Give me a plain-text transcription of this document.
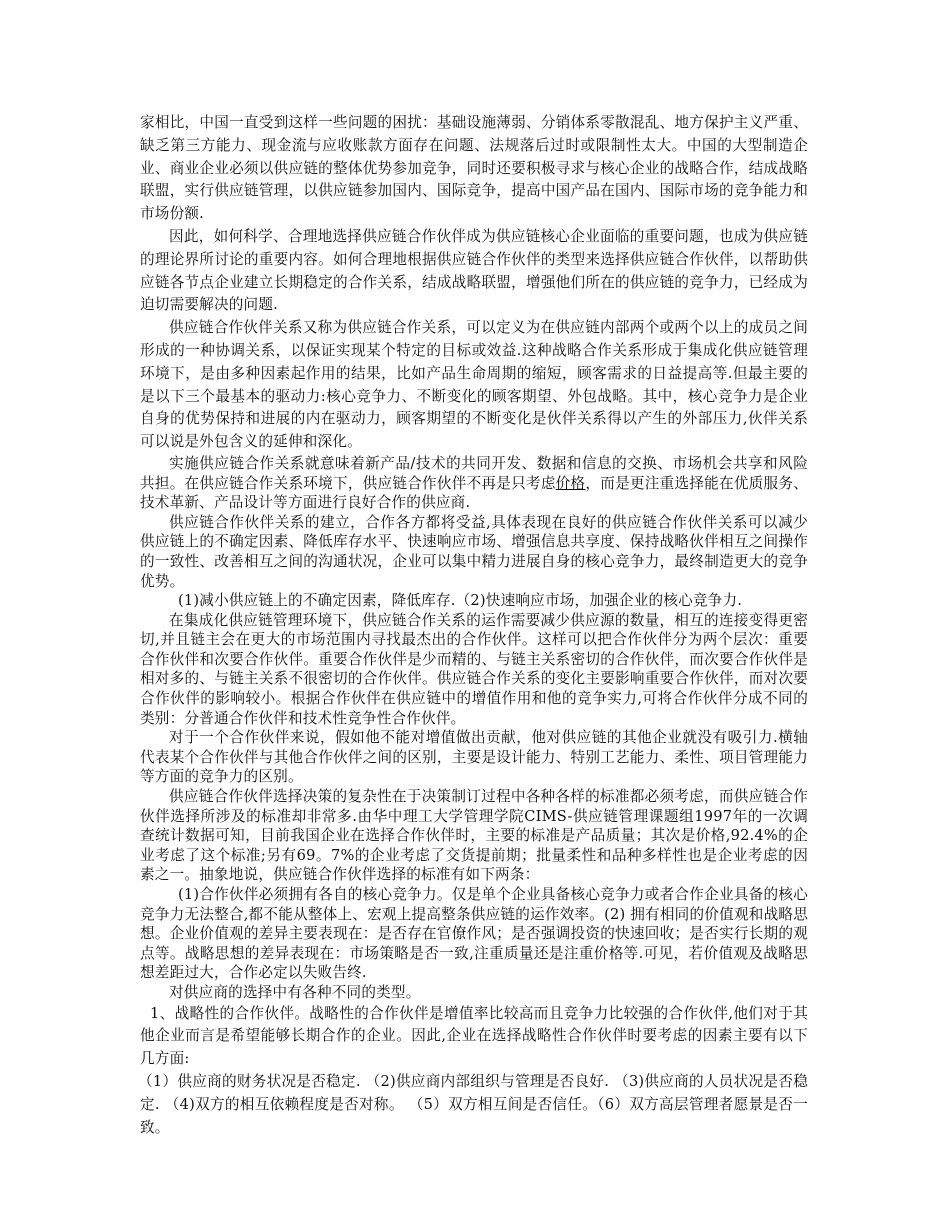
家相比，中国一直受到这样一些问题的困扰：基础设施薄弱、分销体系零散混乱、地方保护主义严重、缺乏第三方能力、现金流与应收账款方面存在问题、法规落后过时或限制性太大。中国的大型制造企业、商业企业必须以供应链的整体优势参加竞争，同时还要积极寻求与核心企业的战略合作，结成战略联盟，实行供应链管理，以供应链参加国内、国际竞争，提高中国产品在国内、国际市场的竞争能力和市场份额.

因此，如何科学、合理地选择供应链合作伙伴成为供应链核心企业面临的重要问题，也成为供应链的理论界所讨论的重要内容。如何合理地根据供应链合作伙伴的类型来选择供应链合作伙伴，以帮助供应链各节点企业建立长期稳定的合作关系，结成战略联盟，增强他们所在的供应链的竞争力，已经成为迫切需要解决的问题.

供应链合作伙伴关系又称为供应链合作关系，可以定义为在供应链内部两个或两个以上的成员之间形成的一种协调关系，以保证实现某个特定的目标或效益.这种战略合作关系形成于集成化供应链管理环境下，是由多种因素起作用的结果，比如产品生命周期的缩短，顾客需求的日益提高等.但最主要的是以下三个最基本的驱动力:核心竞争力、不断变化的顾客期望、外包战略。其中，核心竞争力是企业自身的优势保持和进展的内在驱动力，顾客期望的不断变化是伙伴关系得以产生的外部压力,伙伴关系可以说是外包含义的延伸和深化。

实施供应链合作关系就意味着新产品/技术的共同开发、数据和信息的交换、市场机会共享和风险共担。在供应链合作关系环境下，供应链合作伙伴不再是只考虑价格，而是更注重选择能在优质服务、技术革新、产品设计等方面进行良好合作的供应商.

供应链合作伙伴关系的建立，合作各方都将受益,具体表现在良好的供应链合作伙伴关系可以减少供应链上的不确定因素、降低库存水平、快速响应市场、增强信息共享度、保持战略伙伴相互之间操作的一致性、改善相互之间的沟通状况，企业可以集中精力进展自身的核心竞争力，最终制造更大的竞争优势。

(1)减小供应链上的不确定因素，降低库存.（2)快速响应市场，加强企业的核心竞争力.

在集成化供应链管理环境下，供应链合作关系的运作需要减少供应源的数量，相互的连接变得更密切,并且链主会在更大的市场范围内寻找最杰出的合作伙伴。这样可以把合作伙伴分为两个层次：重要合作伙伴和次要合作伙伴。重要合作伙伴是少而精的、与链主关系密切的合作伙伴，而次要合作伙伴是相对多的、与链主关系不很密切的合作伙伴。供应链合作关系的变化主要影响重要合作伙伴，而对次要合作伙伴的影响较小。根据合作伙伴在供应链中的增值作用和他的竞争实力,可将合作伙伴分成不同的类别：分普通合作伙伴和技术性竞争性合作伙伴。

对于一个合作伙伴来说，假如他不能对增值做出贡献，他对供应链的其他企业就没有吸引力.横轴代表某个合作伙伴与其他合作伙伴之间的区别，主要是设计能力、特别工艺能力、柔性、项目管理能力等方面的竞争力的区别。

供应链合作伙伴选择决策的复杂性在于决策制订过程中各种各样的标准都必须考虑，而供应链合作伙伴选择所涉及的标准却非常多.由华中理工大学管理学院CIMS-供应链管理课题组1997年的一次调查统计数据可知，目前我国企业在选择合作伙伴时，主要的标准是产品质量；其次是价格,92.4%的企业考虑了这个标准;另有69。7%的企业考虑了交货提前期；批量柔性和品种多样性也是企业考虑的因素之一。抽象地说，供应链合作伙伴选择的标准有如下两条：

(1)合作伙伴必须拥有各自的核心竞争力。仅是单个企业具备核心竞争力或者合作企业具备的核心竞争力无法整合,都不能从整体上、宏观上提高整条供应链的运作效率。(2) 拥有相同的价值观和战略思想。企业价值观的差异主要表现在：是否存在官僚作风；是否强调投资的快速回收；是否实行长期的观点等。战略思想的差异表现在：市场策略是否一致,注重质量还是注重价格等.可见，若价值观及战略思想差距过大，合作必定以失败告终.

对供应商的选择中有各种不同的类型。

1、战略性的合作伙伴。战略性的合作伙伴是增值率比较高而且竞争力比较强的合作伙伴,他们对于其他企业而言是希望能够长期合作的企业。因此,企业在选择战略性合作伙伴时要考虑的因素主要有以下几方面:

（1）供应商的财务状况是否稳定. （2)供应商内部组织与管理是否良好. （3)供应商的人员状况是否稳定. （4)双方的相互依赖程度是否对称。 （5）双方相互间是否信任。（6）双方高层管理者愿景是否一致。
